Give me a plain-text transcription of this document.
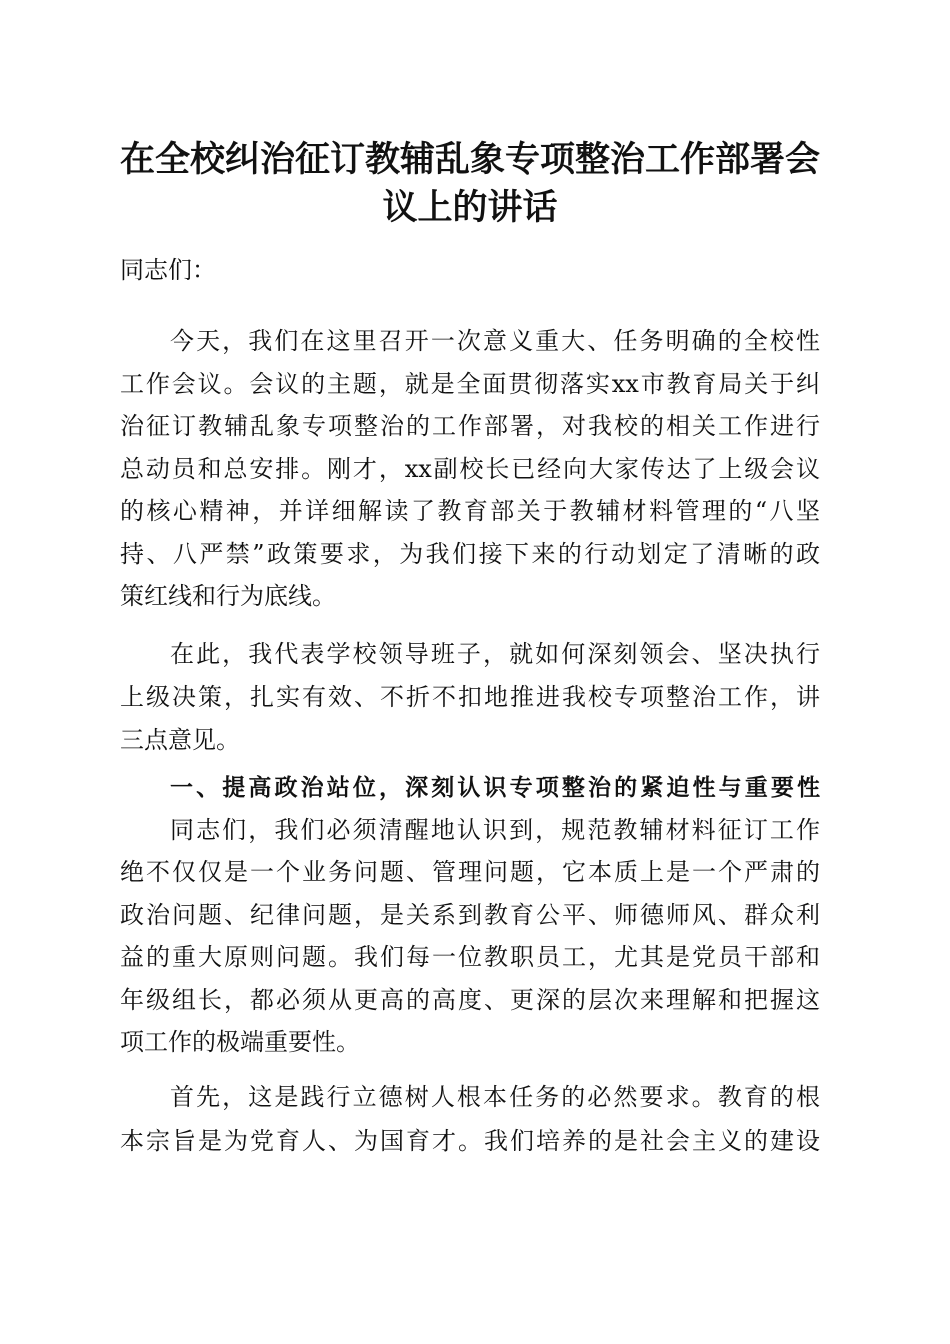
在全校纠治征订教辅乱象专项整治工作部署会
议上的讲话
同志们：
今天，我们在这里召开一次意义重大、任务明确的全校性
工作会议。会议的主题，就是全面贯彻落实xx市教育局关于纠
治征订教辅乱象专项整治的工作部署，对我校的相关工作进行
总动员和总安排。刚才，xx副校长已经向大家传达了上级会议
的核心精神，并详细解读了教育部关于教辅材料管理的“八坚
持、八严禁”政策要求，为我们接下来的行动划定了清晰的政
策红线和行为底线。
在此，我代表学校领导班子，就如何深刻领会、坚决执行
上级决策，扎实有效、不折不扣地推进我校专项整治工作，讲
三点意见。
一、提高政治站位，深刻认识专项整治的紧迫性与重要性
同志们，我们必须清醒地认识到，规范教辅材料征订工作
绝不仅仅是一个业务问题、管理问题，它本质上是一个严肃的
政治问题、纪律问题，是关系到教育公平、师德师风、群众利
益的重大原则问题。我们每一位教职员工，尤其是党员干部和
年级组长，都必须从更高的高度、更深的层次来理解和把握这
项工作的极端重要性。
首先，这是践行立德树人根本任务的必然要求。教育的根
本宗旨是为党育人、为国育才。我们培养的是社会主义的建设
